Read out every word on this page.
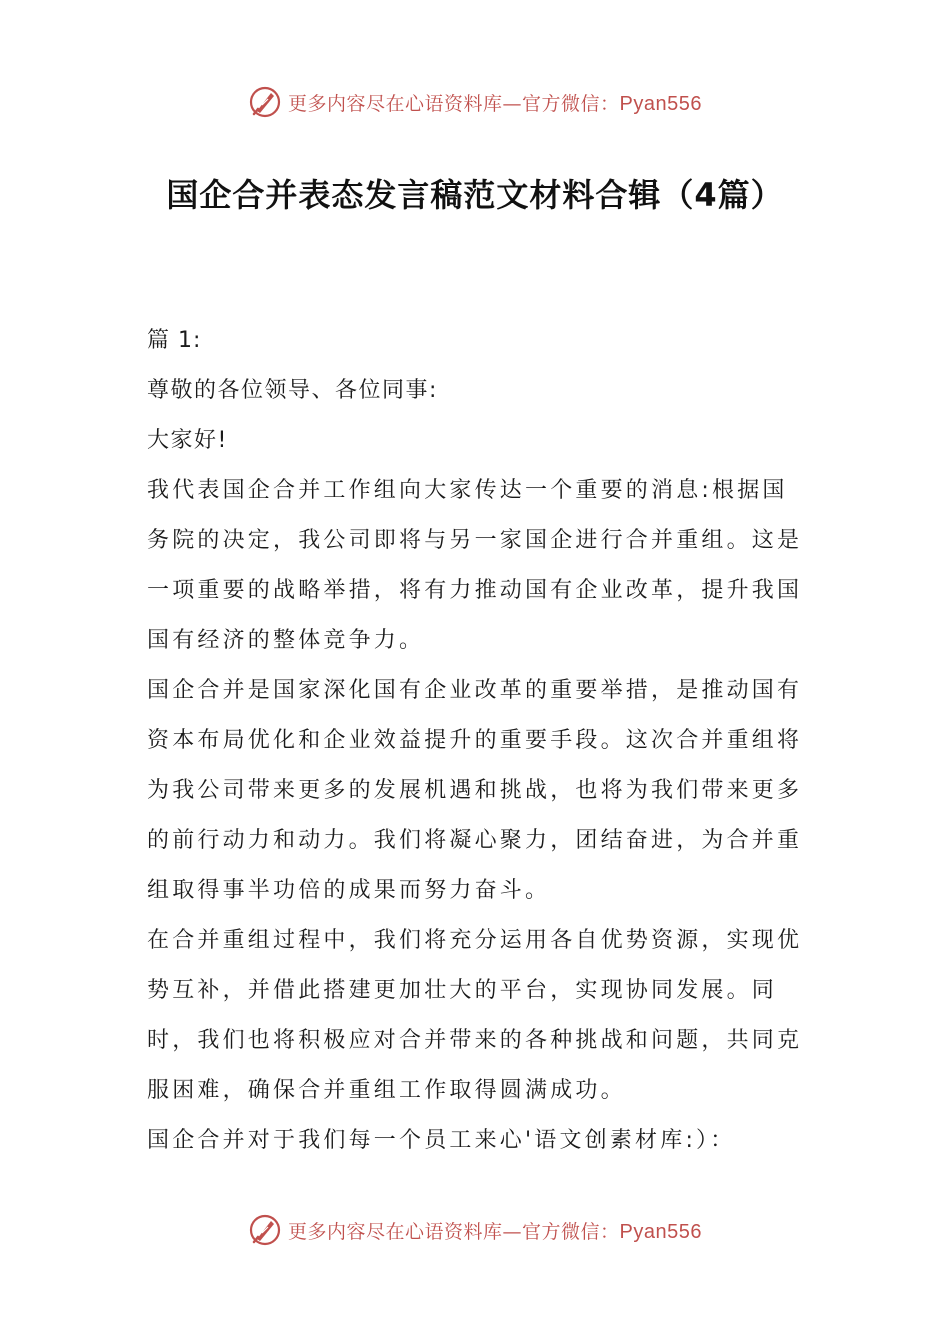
更多内容尽在心语资料库—官方微信：Pyan556
国企合并表态发言稿范文材料合辑（4篇）

篇 1:

尊敬的各位领导、各位同事:

大家好!

我代表国企合并工作组向大家传达一个重要的消息:根据国务院的决定，我公司即将与另一家国企进行合并重组。这是一项重要的战略举措，将有力推动国有企业改革，提升我国国有经济的整体竞争力。

国企合并是国家深化国有企业改革的重要举措，是推动国有资本布局优化和企业效益提升的重要手段。这次合并重组将为我公司带来更多的发展机遇和挑战，也将为我们带来更多的前行动力和动力。我们将凝心聚力，团结奋进，为合并重组取得事半功倍的成果而努力奋斗。

在合并重组过程中，我们将充分运用各自优势资源，实现优势互补，并借此搭建更加壮大的平台，实现协同发展。同时，我们也将积极应对合并带来的各种挑战和问题，共同克服困难，确保合并重组工作取得圆满成功。

国企合并对于我们每一个员工来心'语文创素材库:）：

更多内容尽在心语资料库—官方微信：Pyan556
